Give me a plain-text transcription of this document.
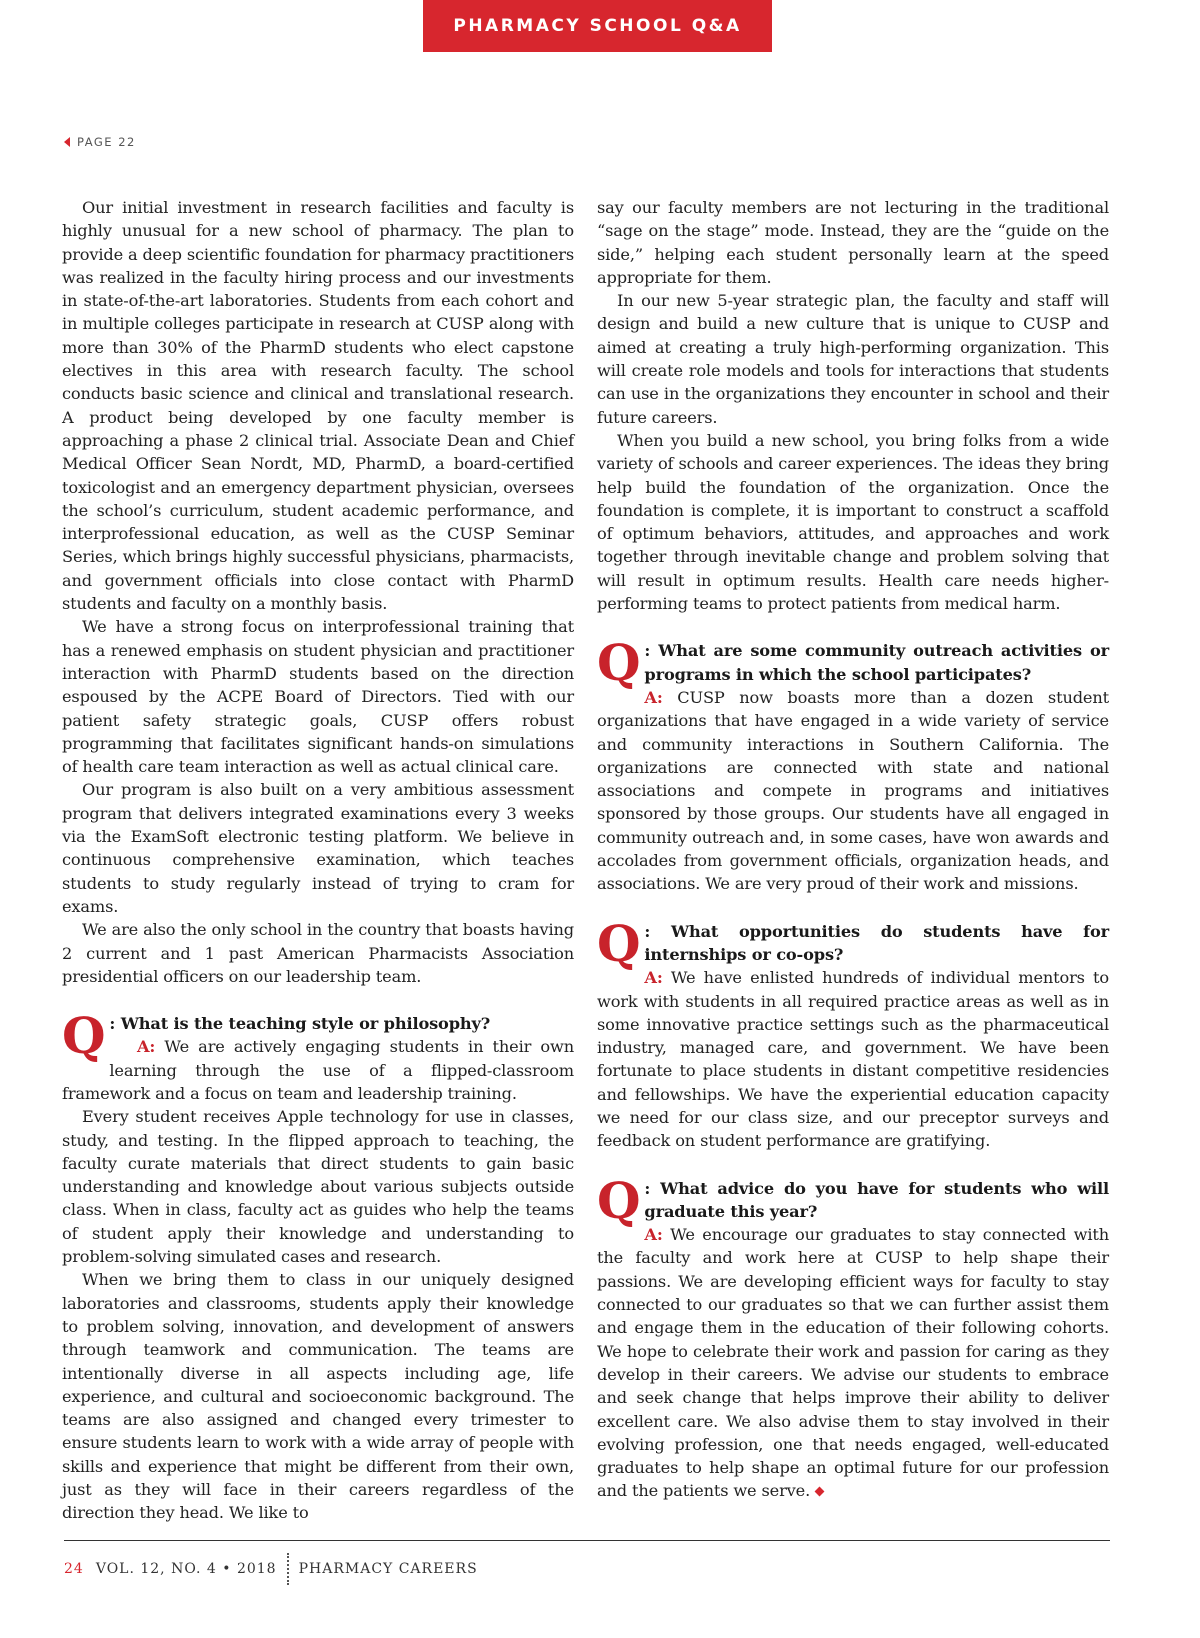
PHARMACY SCHOOL Q&A
PAGE 22

Our initial investment in research facilities and faculty is highly unusual for a new school of pharmacy. The plan to provide a deep scientific foundation for pharmacy practitioners was realized in the faculty hiring process and our investments in state-of-the-art laboratories. Students from each cohort and in multiple colleges participate in research at CUSP along with more than 30% of the PharmD students who elect capstone electives in this area with research faculty. The school conducts basic science and clinical and translational research. A product being developed by one faculty member is approaching a phase 2 clinical trial. Associate Dean and Chief Medical Officer Sean Nordt, MD, PharmD, a board-certified toxicologist and an emergency department physician, oversees the school’s curriculum, student academic performance, and interprofessional education, as well as the CUSP Seminar Series, which brings highly successful physicians, pharmacists, and government officials into close contact with PharmD students and faculty on a monthly basis.

We have a strong focus on interprofessional training that has a renewed emphasis on student physician and practitioner interaction with PharmD students based on the direction espoused by the ACPE Board of Directors. Tied with our patient safety strategic goals, CUSP offers robust programming that facilitates significant hands-on simulations of health care team interaction as well as actual clinical care.

Our program is also built on a very ambitious assessment program that delivers integrated examinations every 3 weeks via the ExamSoft electronic testing platform. We believe in continuous comprehensive examination, which teaches students to study regularly instead of trying to cram for exams.

We are also the only school in the country that boasts having 2 current and 1 past American Pharmacists Association presidential officers on our leadership team.

Q : What is the teaching style or philosophy?

A: We are actively engaging students in their own learning through the use of a flipped-classroom framework and a focus on team and leadership training.

Every student receives Apple technology for use in classes, study, and testing. In the flipped approach to teaching, the faculty curate materials that direct students to gain basic understanding and knowledge about various subjects outside class. When in class, faculty act as guides who help the teams of student apply their knowledge and understanding to problem-solving simulated cases and research.

When we bring them to class in our uniquely designed laboratories and classrooms, students apply their knowledge to problem solving, innovation, and development of answers through teamwork and communication. The teams are intentionally diverse in all aspects including age, life experience, and cultural and socioeconomic background. The teams are also assigned and changed every trimester to ensure students learn to work with a wide array of people with skills and experience that might be different from their own, just as they will face in their careers regardless of the direction they head. We like to

say our faculty members are not lecturing in the traditional “sage on the stage” mode. Instead, they are the “guide on the side,” helping each student personally learn at the speed appropriate for them.

In our new 5-year strategic plan, the faculty and staff will design and build a new culture that is unique to CUSP and aimed at creating a truly high-performing organization. This will create role models and tools for interactions that students can use in the organizations they encounter in school and their future careers.

When you build a new school, you bring folks from a wide variety of schools and career experiences. The ideas they bring help build the foundation of the organization. Once the foundation is complete, it is important to construct a scaffold of optimum behaviors, attitudes, and approaches and work together through inevitable change and problem solving that will result in optimum results. Health care needs higher-performing teams to protect patients from medical harm.

Q : What are some community outreach activities or programs in which the school participates?

A: CUSP now boasts more than a dozen student organizations that have engaged in a wide variety of service and community interactions in Southern California. The organizations are connected with state and national associations and compete in programs and initiatives sponsored by those groups. Our students have all engaged in community outreach and, in some cases, have won awards and accolades from government officials, organization heads, and associations. We are very proud of their work and missions.

Q : What opportunities do students have for internships or co-ops?

A: We have enlisted hundreds of individual mentors to work with students in all required practice areas as well as in some innovative practice settings such as the pharmaceutical industry, managed care, and government. We have been fortunate to place students in distant competitive residencies and fellowships. We have the experiential education capacity we need for our class size, and our preceptor surveys and feedback on student performance are gratifying.

Q : What advice do you have for students who will graduate this year?

A: We encourage our graduates to stay connected with the faculty and work here at CUSP to help shape their passions. We are developing efficient ways for faculty to stay connected to our graduates so that we can further assist them and engage them in the education of their following cohorts. We hope to celebrate their work and passion for caring as they develop in their careers. We advise our students to embrace and seek change that helps improve their ability to deliver excellent care. We also advise them to stay involved in their evolving profession, one that needs engaged, well-educated graduates to help shape an optimal future for our profession and the patients we serve.

24 VOL. 12, NO. 4 • 2018 PHARMACY CAREERS
